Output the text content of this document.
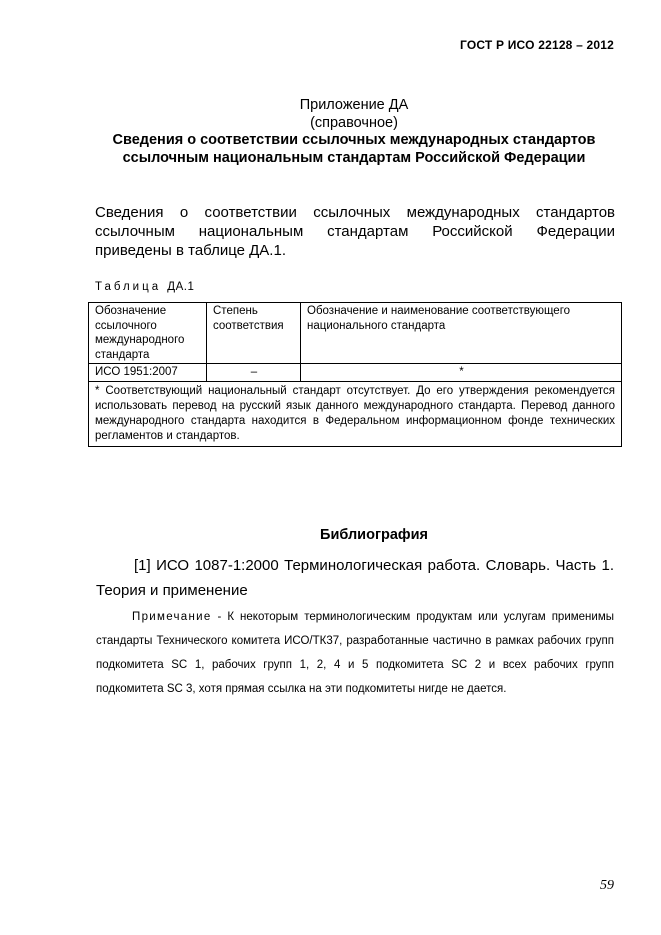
ГОСТ Р ИСО 22128 – 2012
Приложение ДА
(справочное)
Сведения о соответствии ссылочных международных стандартов ссылочным национальным стандартам Российской Федерации
Сведения о соответствии ссылочных международных стандартов ссылочным национальным стандартам Российской Федерации приведены в таблице ДА.1.
Таблица ДА.1
Обозначение ссылочного международного стандарта	Степень соответствия	Обозначение и наименование соответствующего национального стандарта
ИСО 1951:2007	–	*
* Соответствующий национальный стандарт отсутствует. До его утверждения рекомендуется использовать перевод на русский язык данного международного стандарта. Перевод данного международного стандарта находится в Федеральном информационном фонде технических регламентов и стандартов.		
Библиография
[1] ИСО 1087-1:2000 Терминологическая работа. Словарь. Часть 1. Теория и применение
Примечание - К некоторым терминологическим продуктам или услугам применимы стандарты Технического комитета ИСО/ТК37, разработанные частично в рамках рабочих групп подкомитета SC 1, рабочих групп 1, 2, 4 и 5 подкомитета SC 2 и всех рабочих групп подкомитета SC 3, хотя прямая ссылка на эти подкомитеты нигде не дается.
59
